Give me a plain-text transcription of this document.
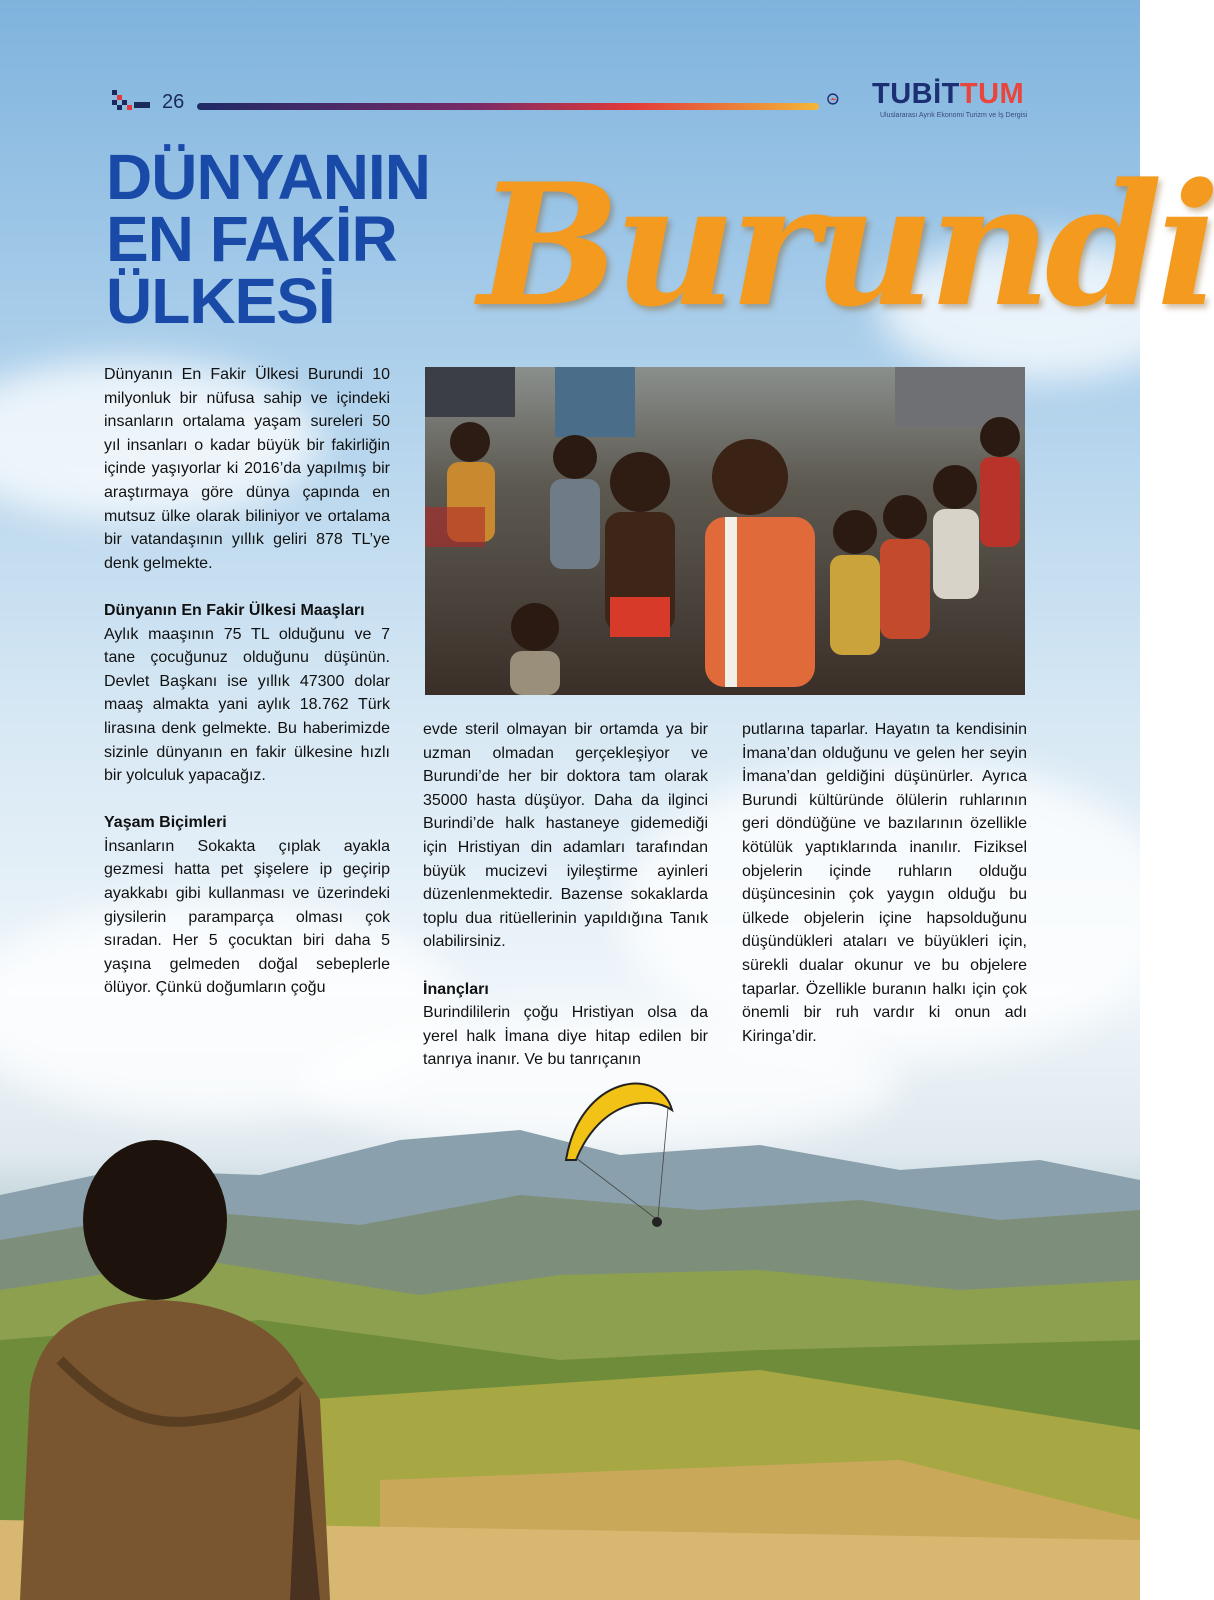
26	TUBİTTUM
Uluslararası Ayrık Ekonomi Turizm ve İş Dergisi
DÜNYANIN
EN FAKİR
ÜLKESİ Burundi

Dünyanın En Fakir Ülkesi Burundi 10 milyonluk bir nüfusa sahip ve içindeki insanların ortalama yaşam sureleri 50 yıl insanları o kadar büyük bir fakirliğin içinde yaşıyorlar ki 2016’da yapılmış bir araştırmaya göre dünya çapında en mutsuz ülke olarak biliniyor ve ortalama bir vatandaşının yıllık geliri 878 TL’ye denk gelmekte.

Dünyanın En Fakir Ülkesi Maaşları

Aylık maaşının 75 TL olduğunu ve 7 tane çocuğunuz olduğunu düşünün. Devlet Başkanı ise yıllık 47300 dolar maaş almakta yani aylık 18.762 Türk lirasına denk gelmekte. Bu haberimizde sizinle dünyanın en fakir ülkesine hızlı bir yolculuk yapacağız.

Yaşam Biçimleri

İnsanların Sokakta çıplak ayakla gezmesi hatta pet şişelere ip geçirip ayakkabı gibi kullanması ve üzerindeki giysilerin paramparça olması çok sıradan. Her 5 çocuktan biri daha 5 yaşına gelmeden doğal sebeplerle ölüyor. Çünkü doğumların çoğu

evde steril olmayan bir ortamda ya bir uzman olmadan gerçekleşiyor ve Burundi’de her bir doktora tam olarak 35000 hasta düşüyor. Daha da ilginci Burindi’de halk hastaneye gidemediği için Hristiyan din adamları tarafından büyük mucizevi iyileştirme ayinleri düzenlenmektedir. Bazense sokaklarda toplu dua ritüellerinin yapıldığına Tanık olabilirsiniz.

İnançları

Burindililerin çoğu Hristiyan olsa da yerel halk İmana diye hitap edilen bir tanrıya inanır. Ve bu tanrıçanın

putlarına taparlar. Hayatın ta kendisinin İmana’dan olduğunu ve gelen her seyin İmana’dan geldiğini düşünürler. Ayrıca Burundi kültüründe ölülerin ruhlarının geri döndüğüne ve bazılarının özellikle kötülük yaptıklarında inanılır. Fiziksel objelerin içinde ruhların olduğu düşüncesinin çok yaygın olduğu bu ülkede objelerin içine hapsolduğunu düşündükleri ataları ve büyükleri için, sürekli dualar okunur ve bu objelere taparlar. Özellikle buranın halkı için çok önemli bir ruh vardır ki onun adı Kiringa’dir.
